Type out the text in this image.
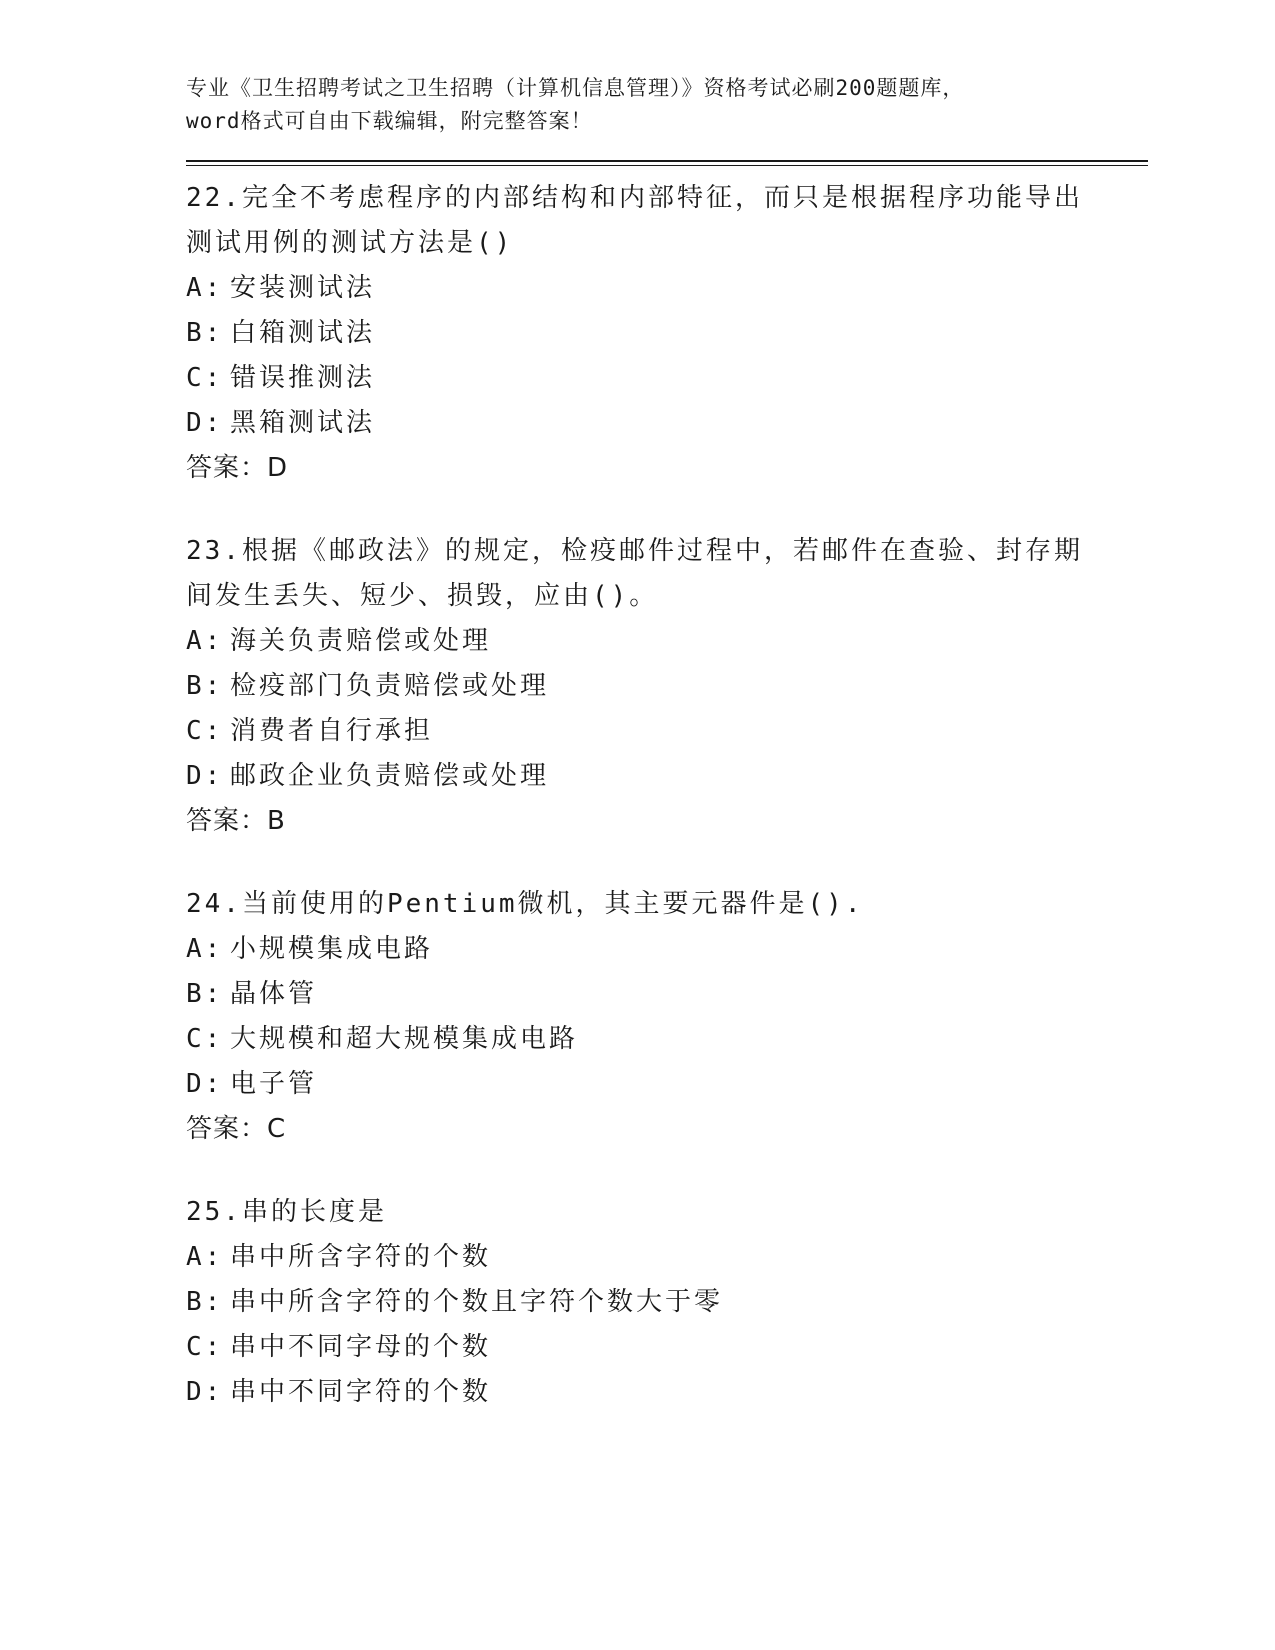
专业《卫生招聘考试之卫生招聘（计算机信息管理）》资格考试必刷200题题库，
word格式可自由下载编辑，附完整答案！
22.完全不考虑程序的内部结构和内部特征，而只是根据程序功能导出
测试用例的测试方法是()
A: 安装测试法
B: 白箱测试法
C: 错误推测法
D: 黑箱测试法
答案：D
23.根据《邮政法》的规定，检疫邮件过程中，若邮件在查验、封存期
间发生丢失、短少、损毁，应由()。
A: 海关负责赔偿或处理
B: 检疫部门负责赔偿或处理
C: 消费者自行承担
D: 邮政企业负责赔偿或处理
答案：B
24.当前使用的Pentium微机，其主要元器件是().
A: 小规模集成电路
B: 晶体管
C: 大规模和超大规模集成电路
D: 电子管
答案：C
25.串的长度是
A: 串中所含字符的个数
B: 串中所含字符的个数且字符个数大于零
C: 串中不同字母的个数
D: 串中不同字符的个数
